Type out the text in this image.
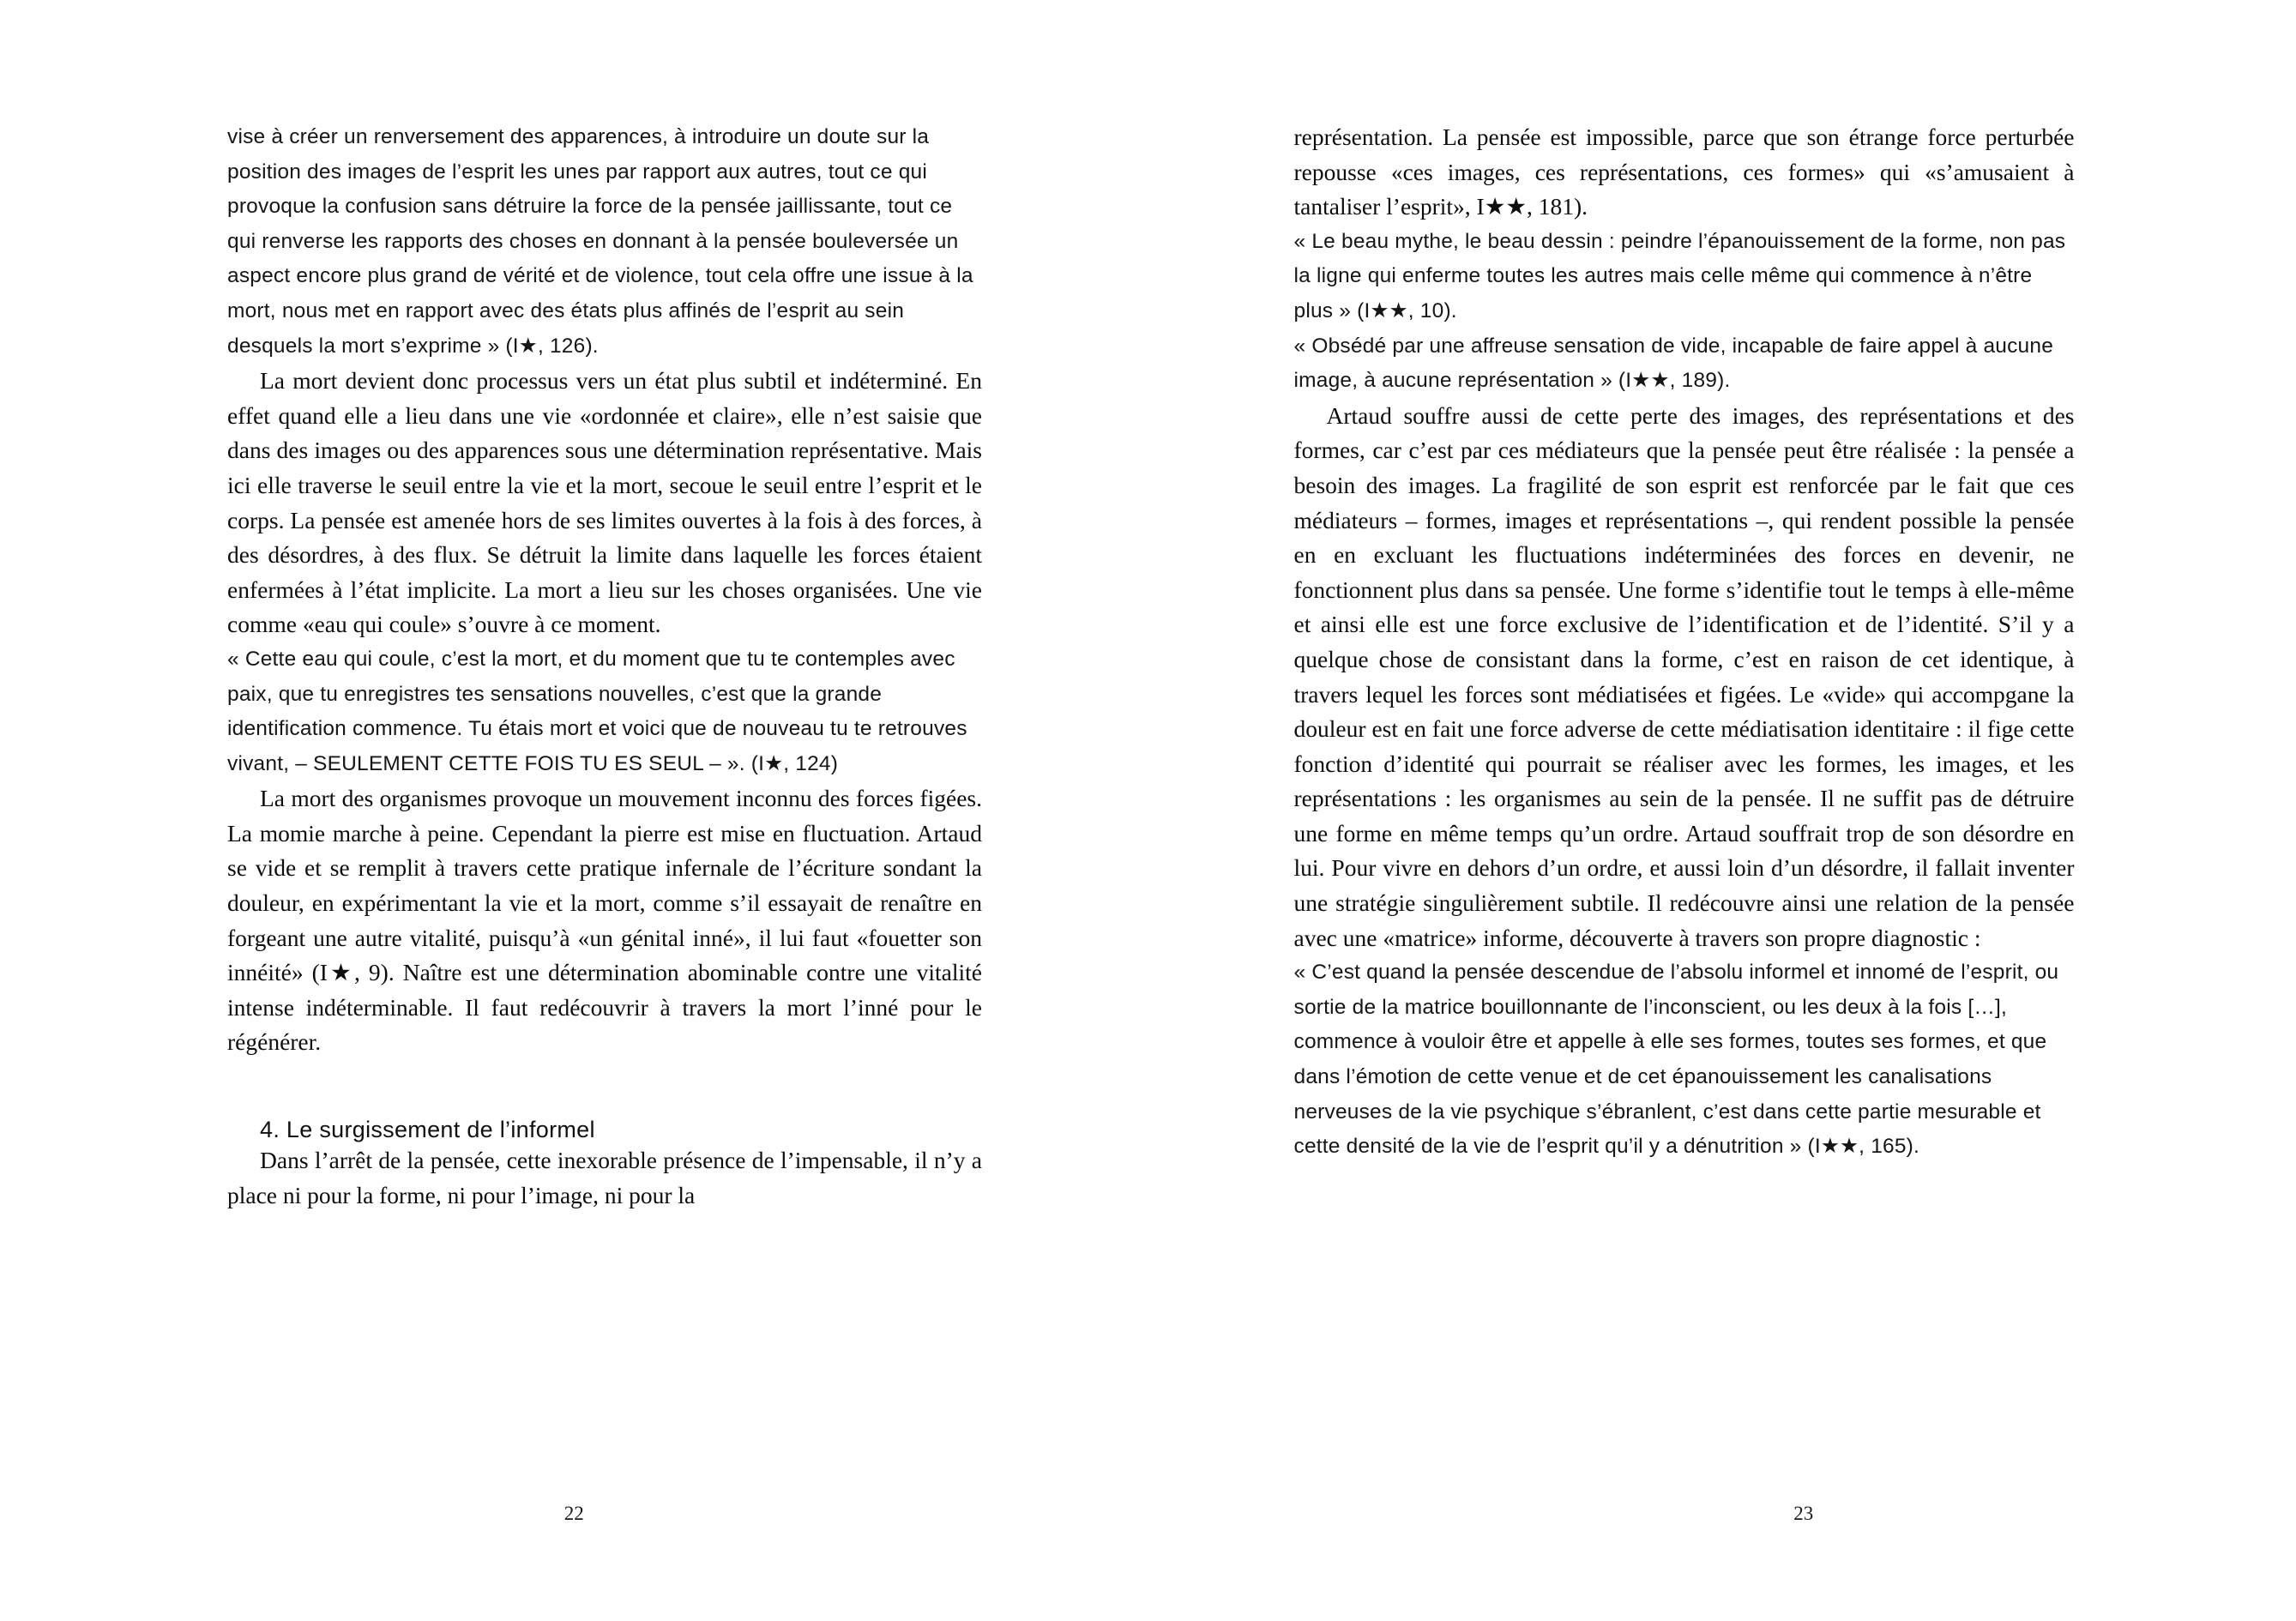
vise à créer un renversement des apparences, à introduire un doute sur la position des images de l’esprit les unes par rapport aux autres, tout ce qui provoque la confusion sans détruire la force de la pensée jaillissante, tout ce qui renverse les rapports des choses en donnant à la pensée bouleversée un aspect encore plus grand de vérité et de violence, tout cela offre une issue à la mort, nous met en rapport avec des états plus affinés de l’esprit au sein desquels la mort s’exprime » (I★, 126).

La mort devient donc processus vers un état plus subtil et indéterminé. En effet quand elle a lieu dans une vie «ordonnée et claire», elle n’est saisie que dans des images ou des apparences sous une détermination représentative. Mais ici elle traverse le seuil entre la vie et la mort, secoue le seuil entre l’esprit et le corps. La pensée est amenée hors de ses limites ouvertes à la fois à des forces, à des désordres, à des flux. Se détruit la limite dans laquelle les forces étaient enfermées à l’état implicite. La mort a lieu sur les choses organisées. Une vie comme «eau qui coule» s’ouvre à ce moment.

« Cette eau qui coule, c’est la mort, et du moment que tu te contemples avec paix, que tu enregistres tes sensations nouvelles, c’est que la grande identification commence. Tu étais mort et voici que de nouveau tu te retrouves vivant, – SEULEMENT CETTE FOIS TU ES SEUL – ». (I★, 124)

La mort des organismes provoque un mouvement inconnu des forces figées. La momie marche à peine. Cependant la pierre est mise en fluctuation. Artaud se vide et se remplit à travers cette pratique infernale de l’écriture sondant la douleur, en expérimentant la vie et la mort, comme s’il essayait de renaître en forgeant une autre vitalité, puisqu’à «un génital inné», il lui faut «fouetter son innéité» (I★, 9). Naître est une détermination abominable contre une vitalité intense indéterminable. Il faut redécouvrir à travers la mort l’inné pour le régénérer.

4. Le surgissement de l’informel

Dans l’arrêt de la pensée, cette inexorable présence de l’impensable, il n’y a place ni pour la forme, ni pour l’image, ni pour la

22

représentation. La pensée est impossible, parce que son étrange force perturbée repousse «ces images, ces représentations, ces formes» qui «s’amusaient à tantaliser l’esprit», I★★, 181).

« Le beau mythe, le beau dessin : peindre l’épanouissement de la forme, non pas la ligne qui enferme toutes les autres mais celle même qui commence à n’être plus » (I★★, 10).
« Obsédé par une affreuse sensation de vide, incapable de faire appel à aucune image, à aucune représentation » (I★★, 189).

Artaud souffre aussi de cette perte des images, des représentations et des formes, car c’est par ces médiateurs que la pensée peut être réalisée : la pensée a besoin des images. La fragilité de son esprit est renforcée par le fait que ces médiateurs – formes, images et représentations –, qui rendent possible la pensée en en excluant les fluctuations indéterminées des forces en devenir, ne fonctionnent plus dans sa pensée. Une forme s’identifie tout le temps à elle-même et ainsi elle est une force exclusive de l’identification et de l’identité. S’il y a quelque chose de consistant dans la forme, c’est en raison de cet identique, à travers lequel les forces sont médiatisées et figées. Le «vide» qui accompgane la douleur est en fait une force adverse de cette médiatisation identitaire : il fige cette fonction d’identité qui pourrait se réaliser avec les formes, les images, et les représentations : les organismes au sein de la pensée. Il ne suffit pas de détruire une forme en même temps qu’un ordre. Artaud souffrait trop de son désordre en lui. Pour vivre en dehors d’un ordre, et aussi loin d’un désordre, il fallait inventer une stratégie singulièrement subtile. Il redécouvre ainsi une relation de la pensée avec une «matrice» informe, découverte à travers son propre diagnostic :

« C’est quand la pensée descendue de l’absolu informel et innomé de l’esprit, ou sortie de la matrice bouillonnante de l’inconscient, ou les deux à la fois […], commence à vouloir être et appelle à elle ses formes, toutes ses formes, et que dans l’émotion de cette venue et de cet épanouissement les canalisations nerveuses de la vie psychique s’ébranlent, c’est dans cette partie mesurable et cette densité de la vie de l’esprit qu’il y a dénutrition » (I★★, 165).
23
